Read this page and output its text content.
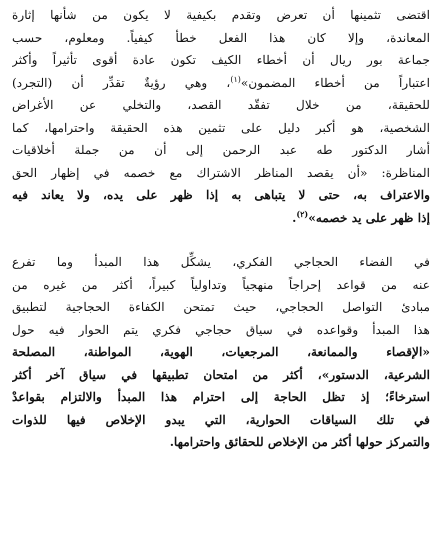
اقتضى تثمينها أن تعرض وتقدم بكيفية لا يكون من شأنها إثارة
المعاندة، وإلا كان هذا الفعل خطأ كيفياً. ومعلوم، حسب
جماعة بور ريال أن أخطاء الكيف تكون عادة أقوى تأثيراً وأكثر
اعتباراً من أخطاء المضمون»$^{(١)}$، وهي رؤيةٌ تقدِّر أن (التجرد)
للحقيقة، من خلال تفقّد القصد، والتخلي عن الأغراض
الشخصية، هو أكبر دليل على تثمين هذه الحقيقة واحترامها، كما
أشار الدكتور طه عبد الرحمن إلى أن من جملة أخلاقيات
المناظرة: «أن يقصد المناظر الاشتراك مع خصمه في إظهار الحق
والاعتراف به، حتى لا يتباهى به إذا ظهر على يده، ولا يعاند فيه
إذا ظهر على يد خصمه»$^{(٢)}$.
في الفضاء الحجاجي الفكري، يشكِّل هذا المبدأ وما تفرع
عنه من قواعد إحراجاً منهجياً وتداولياً كبيراً، أكثر من غيره من
مبادئ التواصل الحجاجي، حيث تمتحن الكفاءة الحجاجية لتطبيق
هذا المبدأ وقواعده في سياق حجاجي فكري يتم الحوار فيه حول
«الإقصاء والممانعة، المرجعيات، الهوية، المواطنة، المصلحة
الشرعية، الدستور»، أكثر من امتحان تطبيقها في سياق آخر أكثر
استرخاءً؛ إذ تظل الحاجة إلى احترام هذا المبدأ والالتزام بقواعدْ
في تلك السياقات الحوارية، التي يبدو الإخلاص فيها للذوات
والتمركز حولها أكثر من الإخلاص للحقائق واحترامها.
